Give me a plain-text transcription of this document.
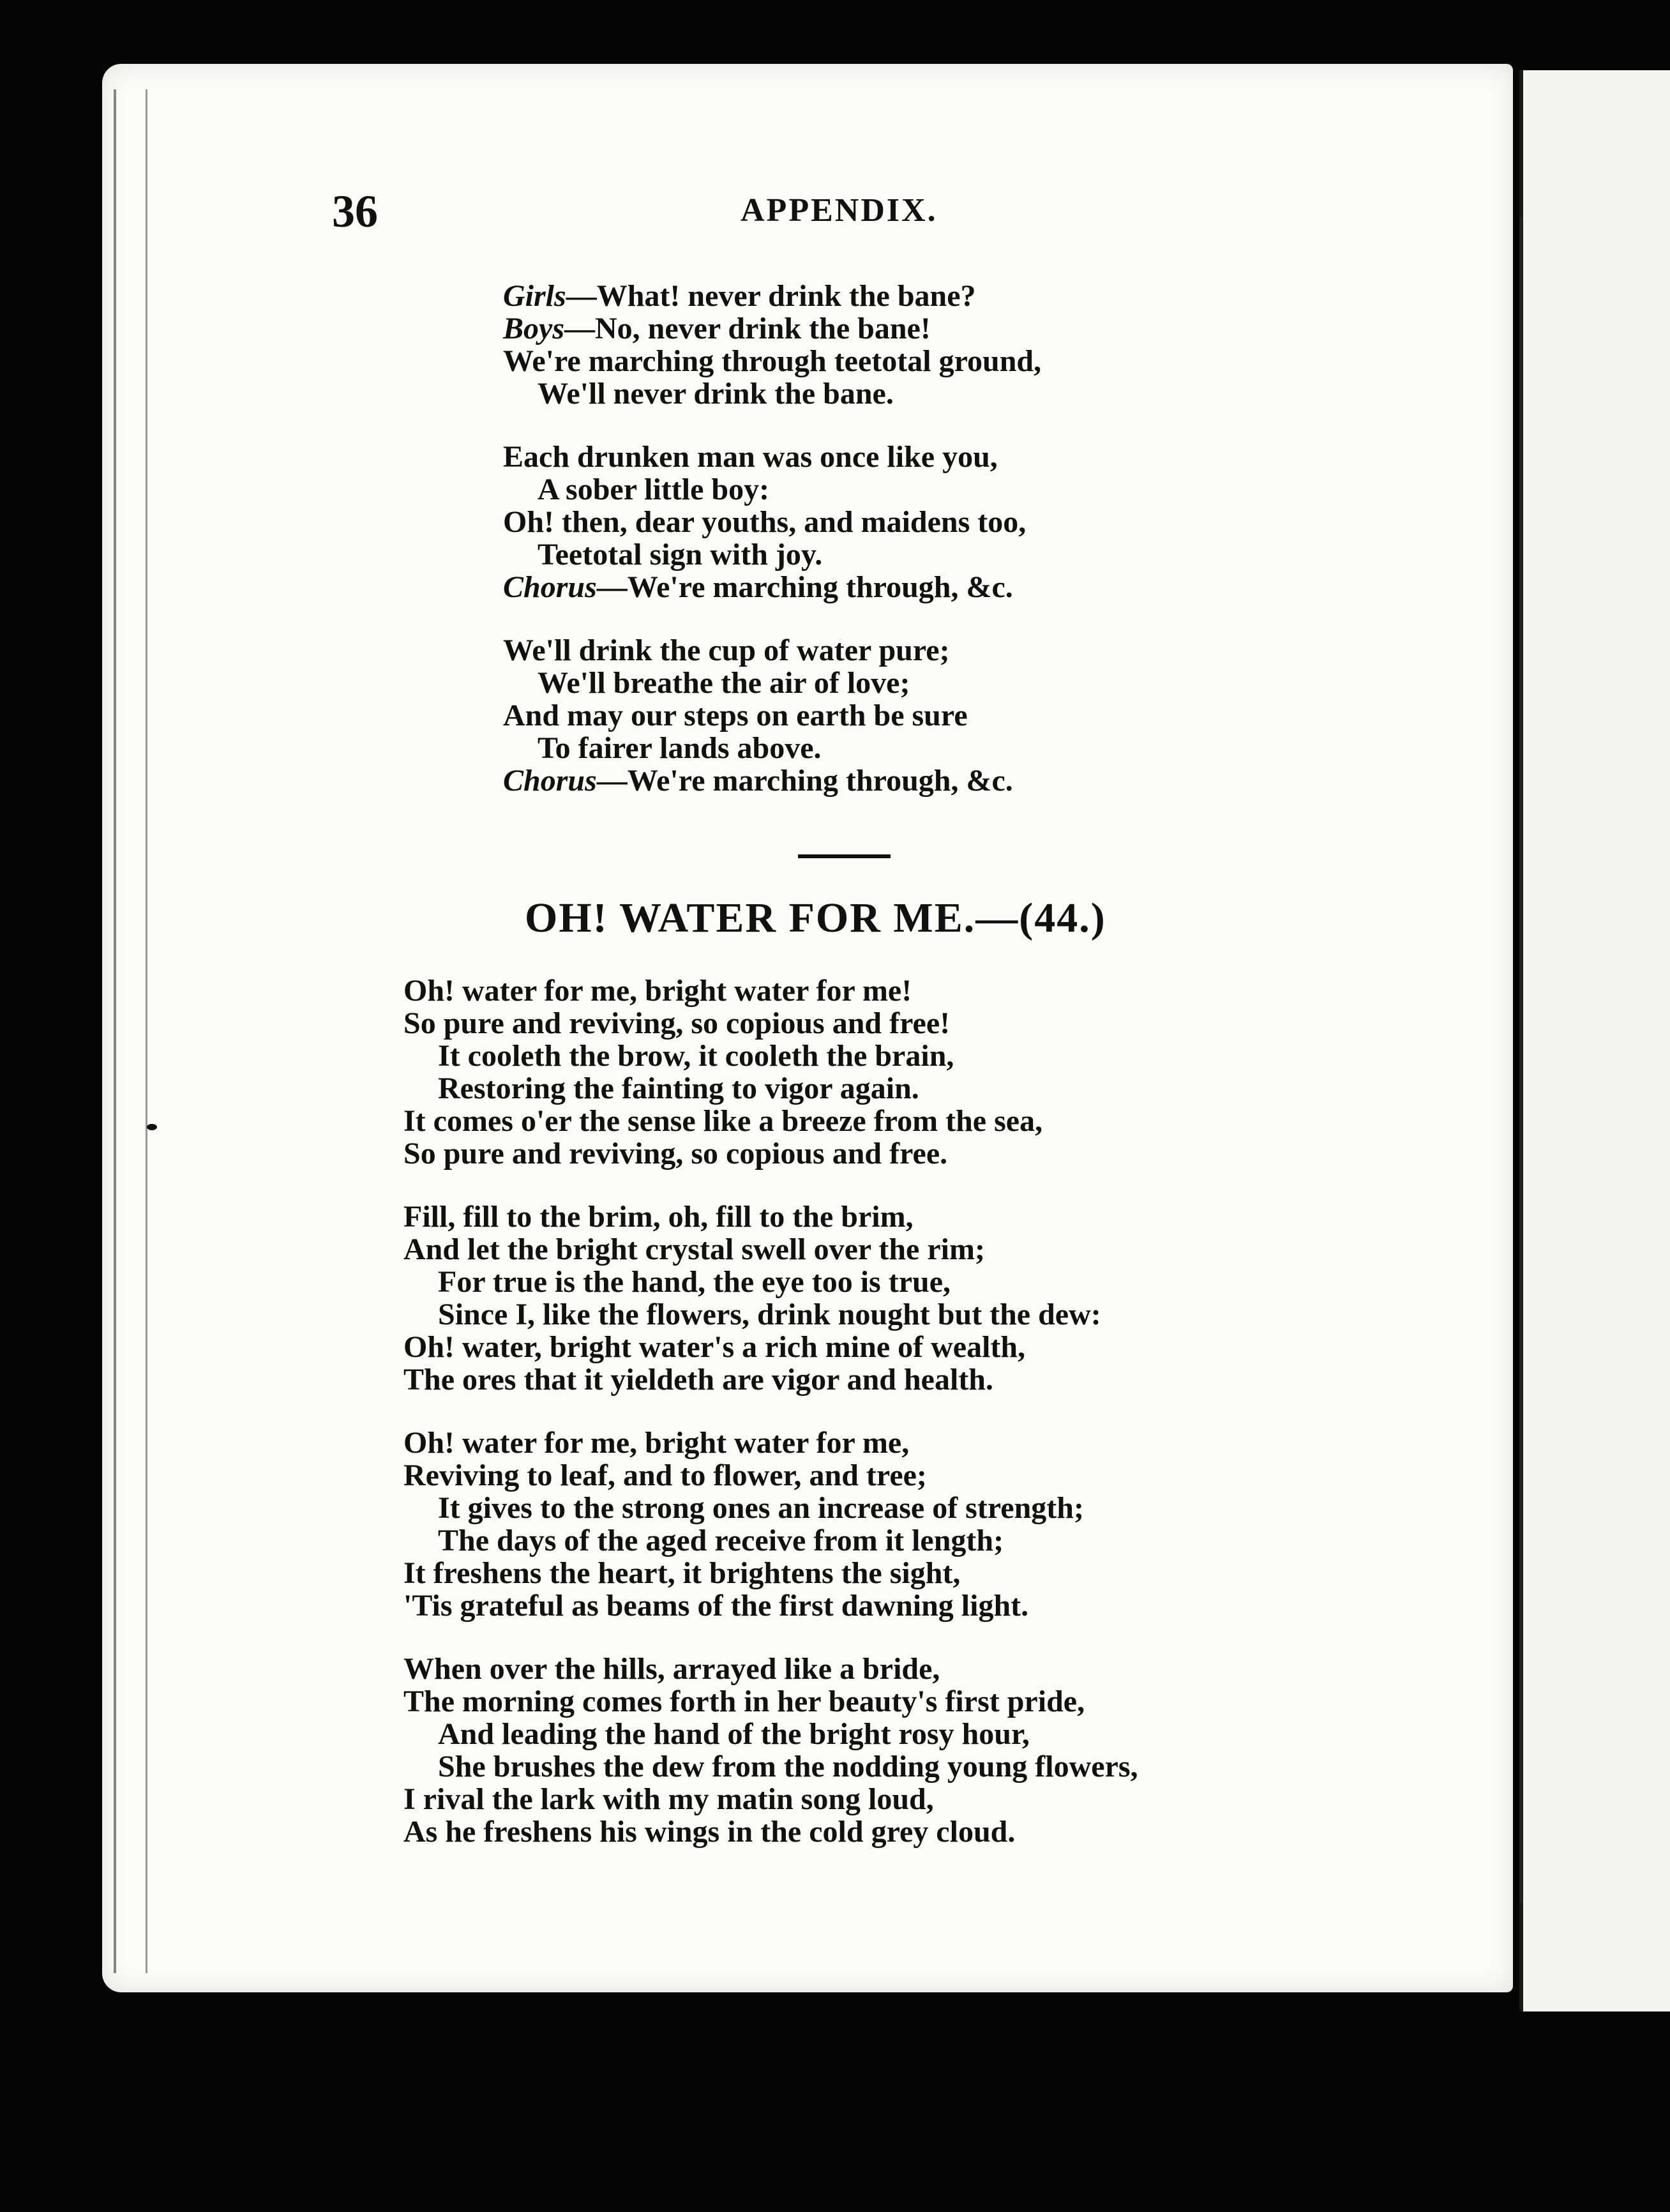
36	APPENDIX.
Girls—What! never drink the bane?
Boys—No, never drink the bane!
We're marching through teetotal ground,
We'll never drink the bane.
Each drunken man was once like you,
A sober little boy:
Oh! then, dear youths, and maidens too,
Teetotal sign with joy.
Chorus—We're marching through, &c.
We'll drink the cup of water pure;
We'll breathe the air of love;
And may our steps on earth be sure
To fairer lands above.
Chorus—We're marching through, &c.
OH! WATER FOR ME.—(44.)
Oh! water for me, bright water for me!
So pure and reviving, so copious and free!
It cooleth the brow, it cooleth the brain,
Restoring the fainting to vigor again.
It comes o'er the sense like a breeze from the sea,
So pure and reviving, so copious and free.
Fill, fill to the brim, oh, fill to the brim,
And let the bright crystal swell over the rim;
For true is the hand, the eye too is true,
Since I, like the flowers, drink nought but the dew:
Oh! water, bright water's a rich mine of wealth,
The ores that it yieldeth are vigor and health.
Oh! water for me, bright water for me,
Reviving to leaf, and to flower, and tree;
It gives to the strong ones an increase of strength;
The days of the aged receive from it length;
It freshens the heart, it brightens the sight,
'Tis grateful as beams of the first dawning light.
When over the hills, arrayed like a bride,
The morning comes forth in her beauty's first pride,
And leading the hand of the bright rosy hour,
She brushes the dew from the nodding young flowers,
I rival the lark with my matin song loud,
As he freshens his wings in the cold grey cloud.
